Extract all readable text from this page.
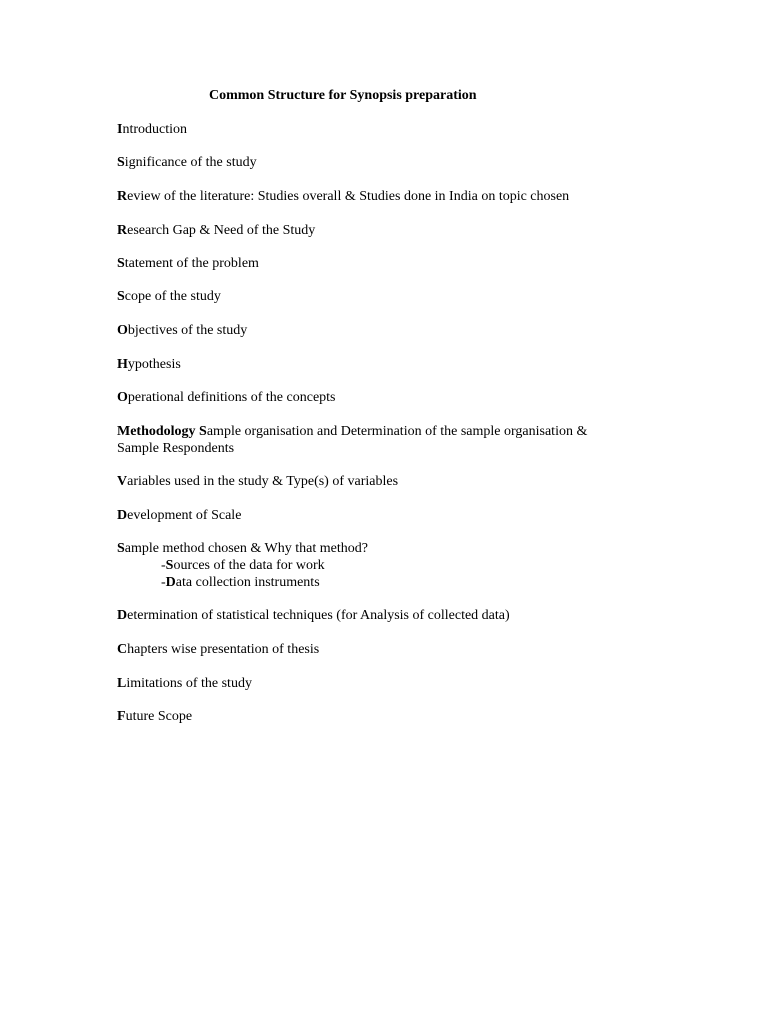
Common Structure for Synopsis preparation
Introduction
Significance of the study
Review of the literature: Studies overall & Studies done in India on topic chosen
Research Gap & Need of the Study
Statement of the problem
Scope of the study
Objectives of the study
Hypothesis
Operational definitions of the concepts
Methodology Sample organisation and Determination of the sample organisation &
Sample Respondents
Variables used in the study & Type(s) of variables
Development of Scale
Sample method chosen & Why that method?
-Sources of the data for work
-Data collection instruments
Determination of statistical techniques (for Analysis of collected data)
Chapters wise presentation of thesis
Limitations of the study
Future Scope
